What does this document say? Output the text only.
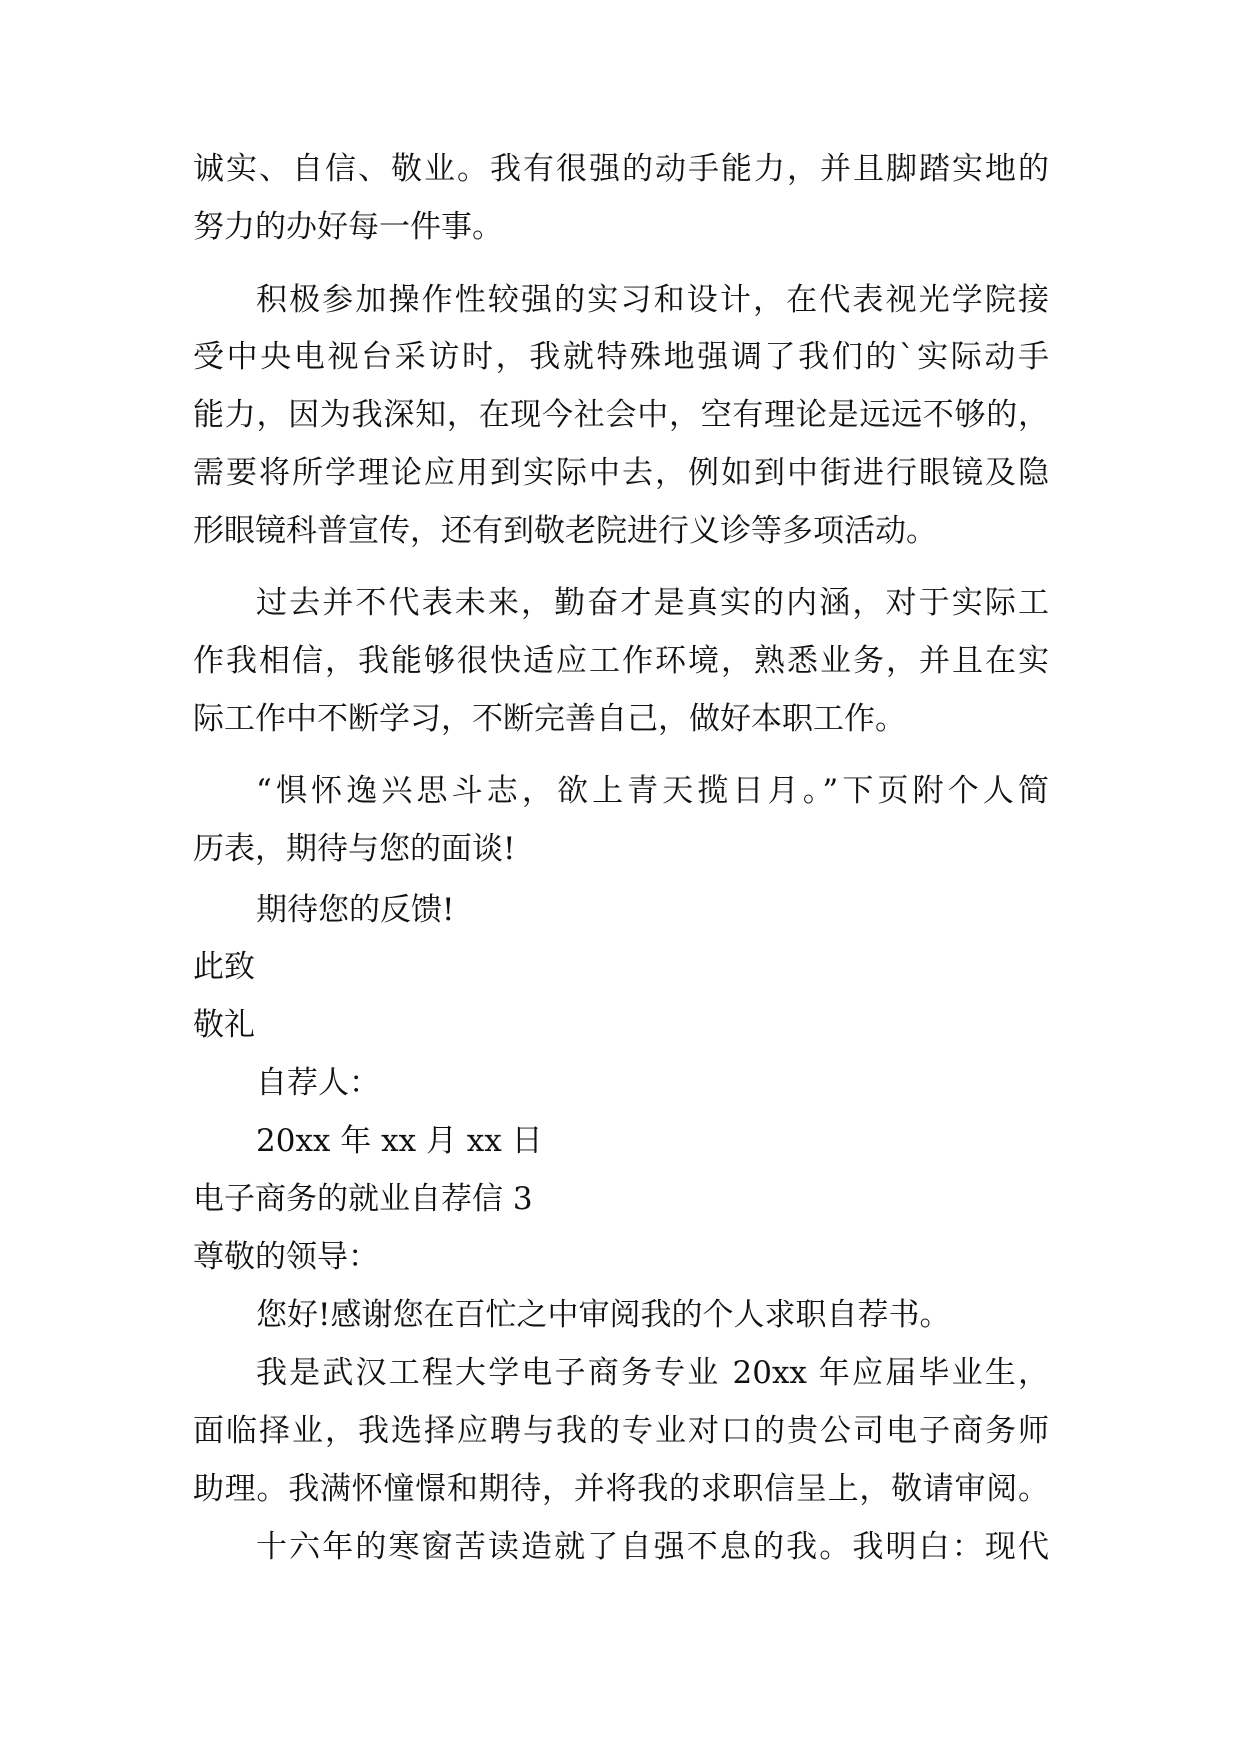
诚实、自信、敬业。我有很强的动手能力，并且脚踏实地的
努力的办好每一件事。
积极参加操作性较强的实习和设计，在代表视光学院接
受中央电视台采访时，我就特殊地强调了我们的`实际动手
能力，因为我深知，在现今社会中，空有理论是远远不够的，
需要将所学理论应用到实际中去，例如到中街进行眼镜及隐
形眼镜科普宣传，还有到敬老院进行义诊等多项活动。
过去并不代表未来，勤奋才是真实的内涵，对于实际工
作我相信，我能够很快适应工作环境，熟悉业务，并且在实
际工作中不断学习，不断完善自己，做好本职工作。
“惧怀逸兴思斗志，欲上青天揽日月。”下页附个人简
历表，期待与您的面谈!
期待您的反馈!
此致
敬礼
自荐人：
20xx 年 xx 月 xx 日
电子商务的就业自荐信 3
尊敬的领导：
您好!感谢您在百忙之中审阅我的个人求职自荐书。
我是武汉工程大学电子商务专业 20xx 年应届毕业生，
面临择业，我选择应聘与我的专业对口的贵公司电子商务师
助理。我满怀憧憬和期待，并将我的求职信呈上，敬请审阅。
十六年的寒窗苦读造就了自强不息的我。我明白：现代
